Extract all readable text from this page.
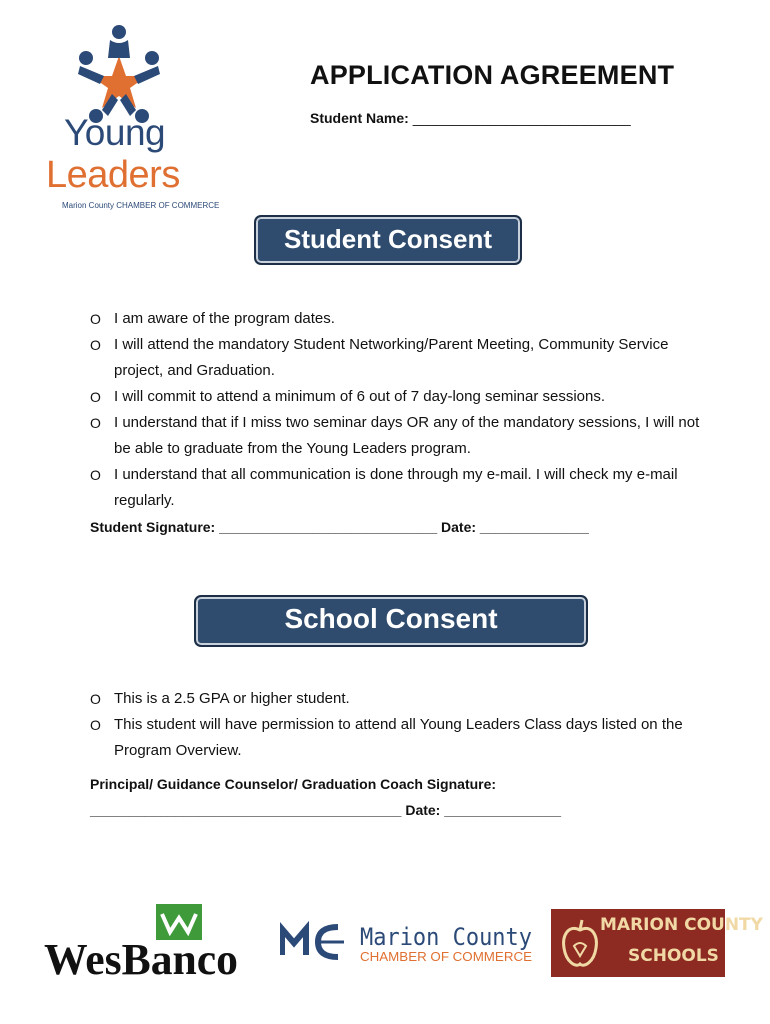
Young
Leaders
Marion County CHAMBER OF COMMERCE
APPLICATION AGREEMENT
Student Name: ____________________________
Student Consent
O I am aware of the program dates.
O I will attend the mandatory Student Networking/Parent Meeting, Community Service project, and Graduation.
O I will commit to attend a minimum of 6 out of 7 day-long seminar sessions.
O I understand that if I miss two seminar days OR any of the mandatory sessions, I will not be able to graduate from the Young Leaders program.
O I understand that all communication is done through my e-mail. I will check my e-mail regularly.
Student Signature: ____________________________ Date: ______________
School Consent
O This is a 2.5 GPA or higher student.
O This student will have permission to attend all Young Leaders Class days listed on the Program Overview.
Principal/ Guidance Counselor/ Graduation Coach Signature:
________________________________________ Date: _______________
WesBanco	Marion County
CHAMBER OF COMMERCE
MARION COUNTY
SCHOOLS
